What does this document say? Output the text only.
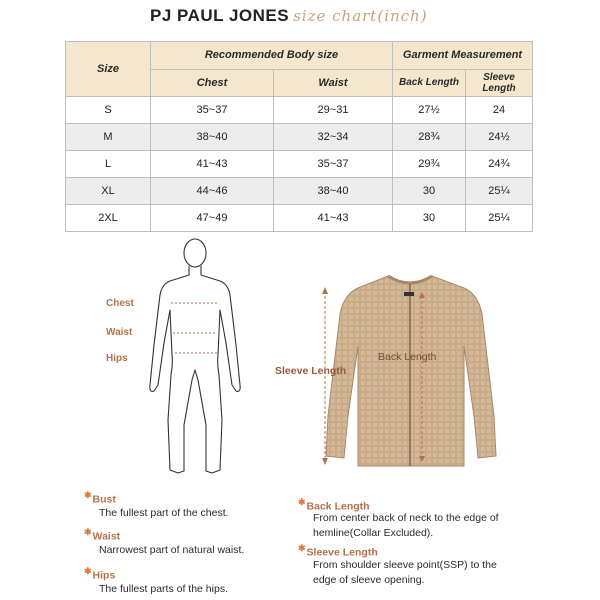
PJ PAUL JONES size chart(inch)
Size	Recommended Body size		Garment Measurement	
	Chest	Waist	Back Length	Sleeve Length
S	35~37	29~31	27½	24
M	38~40	32~34	28¾	24½
L	41~43	35~37	29¾	24¾
XL	44~46	38~40	30	25¼
2XL	47~49	41~43	30	25¼
Chest
Waist
Hips	Back Length
Sleeve Length
✱Bust
The fullest part of the chest.
✱Waist
Narrowest part of natural waist.
✱Hips
The fullest parts of the hips.
✱Back Length
From center back of neck to the edge of
hemline(Collar Excluded).
✱Sleeve Length
From shoulder sleeve point(SSP) to the
edge of sleeve opening.
